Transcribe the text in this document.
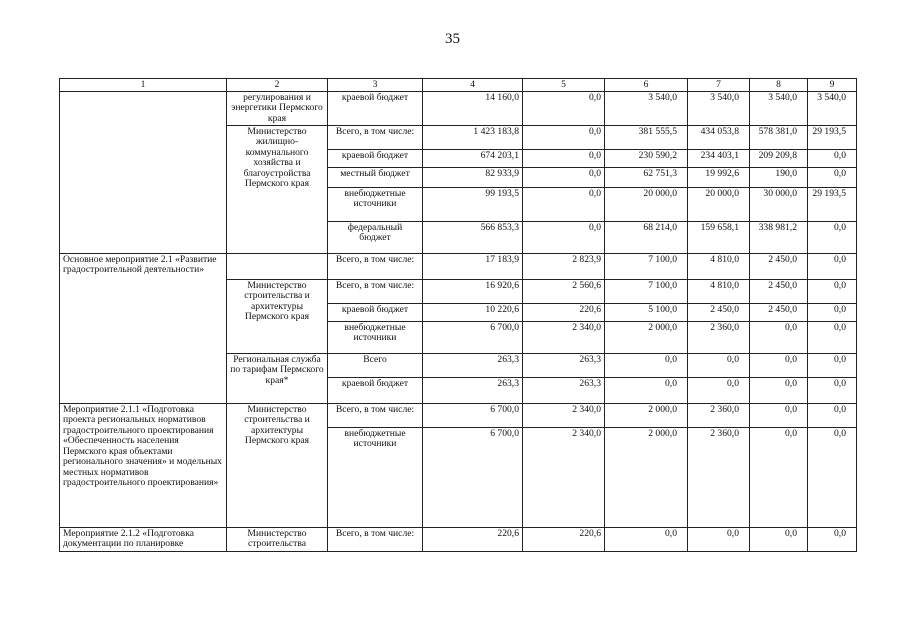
35
1	2	3	4	5	6	7	8	9
	регулирования и энергетики Пермского края	краевой бюджет	14 160,0	0,0	3 540,0	3 540,0	3 540,0	3 540,0
	Министерство жилищно-коммунального хозяйства и благоустройства Пермского края	Всего, в том числе:	1 423 183,8	0,0	381 555,5	434 053,8	578 381,0	29 193,5
		краевой бюджет	674 203,1	0,0	230 590,2	234 403,1	209 209,8	0,0
		местный бюджет	82 933,9	0,0	62 751,3	19 992,6	190,0	0,0
		внебюджетные источники	99 193,5	0,0	20 000,0	20 000,0	30 000,0	29 193,5
		федеральный бюджет	566 853,3	0,0	68 214,0	159 658,1	338 981,2	0,0
Основное мероприятие 2.1 «Развитие градостроительной деятельности»		Всего, в том числе:	17 183,9	2 823,9	7 100,0	4 810,0	2 450,0	0,0
	Министерство строительства и архитектуры Пермского края	Всего, в том числе:	16 920,6	2 560,6	7 100,0	4 810,0	2 450,0	0,0
		краевой бюджет	10 220,6	220,6	5 100,0	2 450,0	2 450,0	0,0
		внебюджетные источники	6 700,0	2 340,0	2 000,0	2 360,0	0,0	0,0
	Региональная служба по тарифам Пермского края*	Всего	263,3	263,3	0,0	0,0	0,0	0,0
		краевой бюджет	263,3	263,3	0,0	0,0	0,0	0,0
Мероприятие 2.1.1 «Подготовка проекта региональных нормативов градостроительного проектирования «Обеспеченность населения Пермского края объектами регионального значения» и модельных местных нормативов градостроительного проектирования»	Министерство строительства и архитектуры Пермского края	Всего, в том числе:	6 700,0	2 340,0	2 000,0	2 360,0	0,0	0,0
		внебюджетные источники	6 700,0	2 340,0	2 000,0	2 360,0	0,0	0,0
Мероприятие 2.1.2 «Подготовка документации по планировке	Министерство строительства	Всего, в том числе:	220,6	220,6	0,0	0,0	0,0	0,0
